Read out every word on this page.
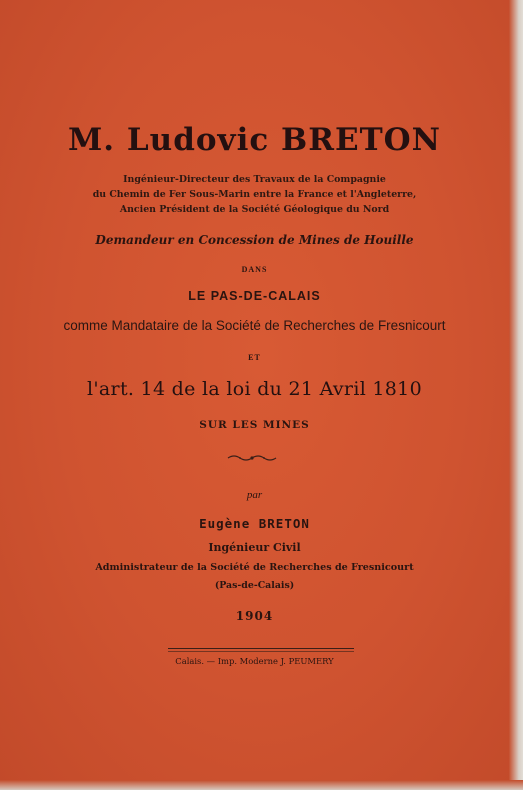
M. Ludovic BRETON
Ingénieur-Directeur des Travaux de la Compagnie
du Chemin de Fer Sous-Marin entre la France et l'Angleterre,
Ancien Président de la Société Géologique du Nord
Demandeur en Concession de Mines de Houille
DANS
LE PAS-DE-CALAIS
comme Mandataire de la Société de Recherches de Fresnicourt
ET
l'art. 14 de la loi du 21 Avril 1810
SUR LES MINES
par
Eugène BRETON
Ingénieur Civil
Administrateur de la Société de Recherches de Fresnicourt
(Pas-de-Calais)
1904
Calais. — Imp. Moderne J. PEUMERY
